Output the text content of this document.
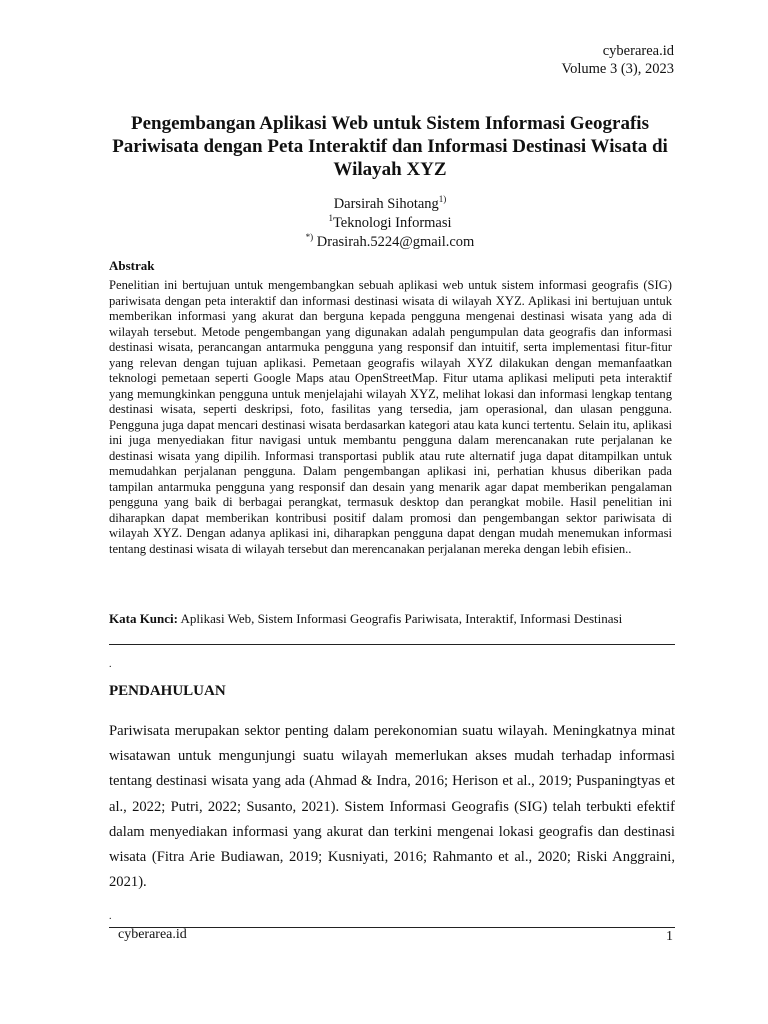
cyberarea.id
Volume 3 (3), 2023
Pengembangan Aplikasi Web untuk Sistem Informasi Geografis Pariwisata dengan Peta Interaktif dan Informasi Destinasi Wisata di Wilayah XYZ
Darsirah Sihotang$^{1)}$
$^1$Teknologi Informasi
*) Drasirah.5224@gmail.com
Abstrak

Penelitian ini bertujuan untuk mengembangkan sebuah aplikasi web untuk sistem informasi geografis (SIG) pariwisata dengan peta interaktif dan informasi destinasi wisata di wilayah XYZ. Aplikasi ini bertujuan untuk memberikan informasi yang akurat dan berguna kepada pengguna mengenai destinasi wisata yang ada di wilayah tersebut. Metode pengembangan yang digunakan adalah pengumpulan data geografis dan informasi destinasi wisata, perancangan antarmuka pengguna yang responsif dan intuitif, serta implementasi fitur-fitur yang relevan dengan tujuan aplikasi. Pemetaan geografis wilayah XYZ dilakukan dengan memanfaatkan teknologi pemetaan seperti Google Maps atau OpenStreetMap. Fitur utama aplikasi meliputi peta interaktif yang memungkinkan pengguna untuk menjelajahi wilayah XYZ, melihat lokasi dan informasi lengkap tentang destinasi wisata, seperti deskripsi, foto, fasilitas yang tersedia, jam operasional, dan ulasan pengguna. Pengguna juga dapat mencari destinasi wisata berdasarkan kategori atau kata kunci tertentu. Selain itu, aplikasi ini juga menyediakan fitur navigasi untuk membantu pengguna dalam merencanakan rute perjalanan ke destinasi wisata yang dipilih. Informasi transportasi publik atau rute alternatif juga dapat ditampilkan untuk memudahkan perjalanan pengguna. Dalam pengembangan aplikasi ini, perhatian khusus diberikan pada tampilan antarmuka pengguna yang responsif dan desain yang menarik agar dapat memberikan pengalaman pengguna yang baik di berbagai perangkat, termasuk desktop dan perangkat mobile. Hasil penelitian ini diharapkan dapat memberikan kontribusi positif dalam promosi dan pengembangan sektor pariwisata di wilayah XYZ. Dengan adanya aplikasi ini, diharapkan pengguna dapat dengan mudah menemukan informasi tentang destinasi wisata di wilayah tersebut dan merencanakan perjalanan mereka dengan lebih efisien..

Kata Kunci: Aplikasi Web, Sistem Informasi Geografis Pariwisata, Interaktif, Informasi Destinasi
.
PENDAHULUAN

Pariwisata merupakan sektor penting dalam perekonomian suatu wilayah. Meningkatnya minat wisatawan untuk mengunjungi suatu wilayah memerlukan akses mudah terhadap informasi tentang destinasi wisata yang ada (Ahmad & Indra, 2016; Herison et al., 2019; Puspaningtyas et al., 2022; Putri, 2022; Susanto, 2021). Sistem Informasi Geografis (SIG) telah terbukti efektif dalam menyediakan informasi yang akurat dan terkini mengenai lokasi geografis dan destinasi wisata (Fitra Arie Budiawan, 2019; Kusniyati, 2016; Rahmanto et al., 2020; Riski Anggraini, 2021).

.
cyberarea.id	1
